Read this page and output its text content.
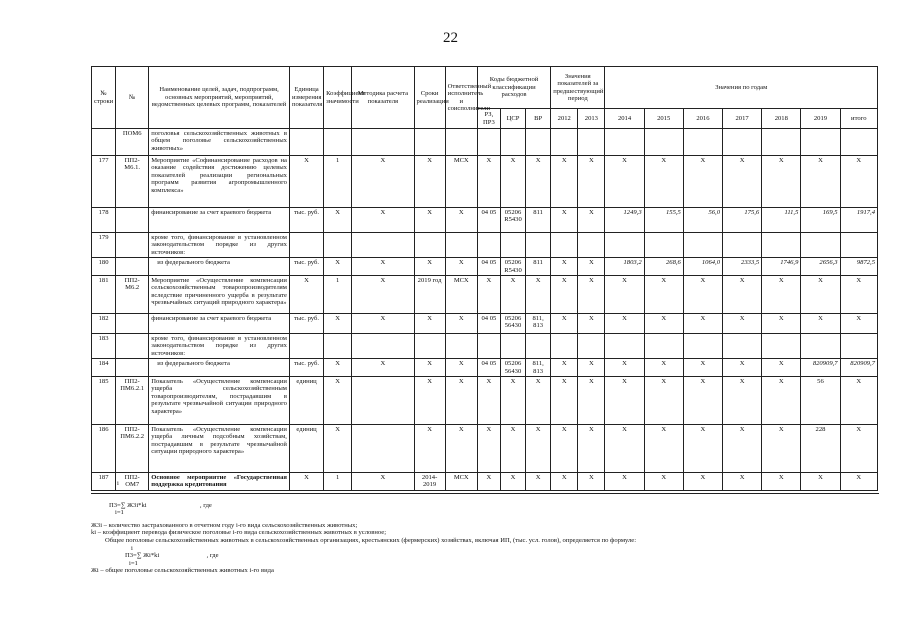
22
№ строки	№	Наименование целей, задач, подпрограмм, основных мероприятий, мероприятий, ведомственных целевых программ, показателей	Единица измерения показателя	Коэффициент значимости	Методика расчета показателя	Сроки реализации	Ответственный исполнитель и соисполнители	Коды бюджетной классификации расходов			Значения показателей за предшествующий период		Значения по годам						
								РЗ, ПР3	ЦСР	ВР	2012	2013	2014	2015	2016	2017	2018	2019	итого
	ПОМ6	поголовья сельскохозяйственных животных в общем поголовье сельскохозяйственных животных»																	
177	ПП2-М6.1.	Мероприятие «Софинансирование расходов на оказание содействия достижению целевых показателей реализации региональных программ развития агропромышленного комплекса»	X	1	X	X	МСХ	X	X	X	X	X	X	X	X	X	X	X	X
178		финансирование за счет краевого бюджета	тыс. руб.	X	X	X	X	04 05	05206 R5430	811	X	X	1249,3	155,5	56,0	175,6	111,5	169,5	1917,4
179		кроме того, финансирование в установленном законодательством порядке из других источников:																	
180		из федерального бюджета	тыс. руб.	X	X	X	X	04 05	05206 R5430	811	X	X	1803,2	268,6	1064,0	2333,5	1746,9	2656,3	9872,5
181	ПП2-М6.2	Мероприятие «Осуществление компенсации сельскохозяйственным товаропроизводителям вследствие причиненного ущерба в результате чрезвычайных ситуаций природного характера»	X	1	X	2019 год	МСХ	X	X	X	X	X	X	X	X	X	X	X	X
182		финансирование за счет краевого бюджета	тыс. руб.	X	X	X	X	04 05	05206 56430	811, 813	X	X	X	X	X	X	X	X	X
183		кроме того, финансирование в установленном законодательством порядке из других источников:																	
184		из федерального бюджета	тыс. руб.	X	X	X	X	04 05	05206 56430	811, 813	X	X	X	X	X	X	X	820909,7	820909,7
185	ПП2-ПМ6.2.1	Показатель «Осуществление компенсации ущерба сельскохозяйственным товаропроизводителям, пострадавшим в результате чрезвычайной ситуации природного характера»	единиц	X		X	X	X	X	X	X	X	X	X	X	X	X	56	X
186	ПП2-ПМ6.2.2	Показатель «Осуществление компенсации ущерба личным подсобным хозяйствам, пострадавшим в результате чрезвычайной ситуации природного характера»	единиц	X		X	X	X	X	X	X	X	X	X	X	X	X	228	X
187	ПП2-ОМ7	Основное мероприятие «Государственная поддержка кредитования	X	1	X	2014-2019	МСХ	X	X	X	X	X	X	X	X	X	X	X	X

i

П3=∑ Ж3i*ki	, где

i=1

Ж3i – количество застрахованного в отчетном году i-го вида сельскохозяйственных животных;

ki – коэффициент перевода физическое поголовье i-го вида сельскохозяйственных животных в условное;

Общее поголовье сельскохозяйственных животных в сельскохозяйственных организациях, крестьянских (фермерских) хозяйствах, включая ИП, (тыс. усл. голов), определяется по формуле:

i

П3=∑ Жi*ki	, где

i=1

Жi – общее поголовье сельскохозяйственных животных i-го вида
